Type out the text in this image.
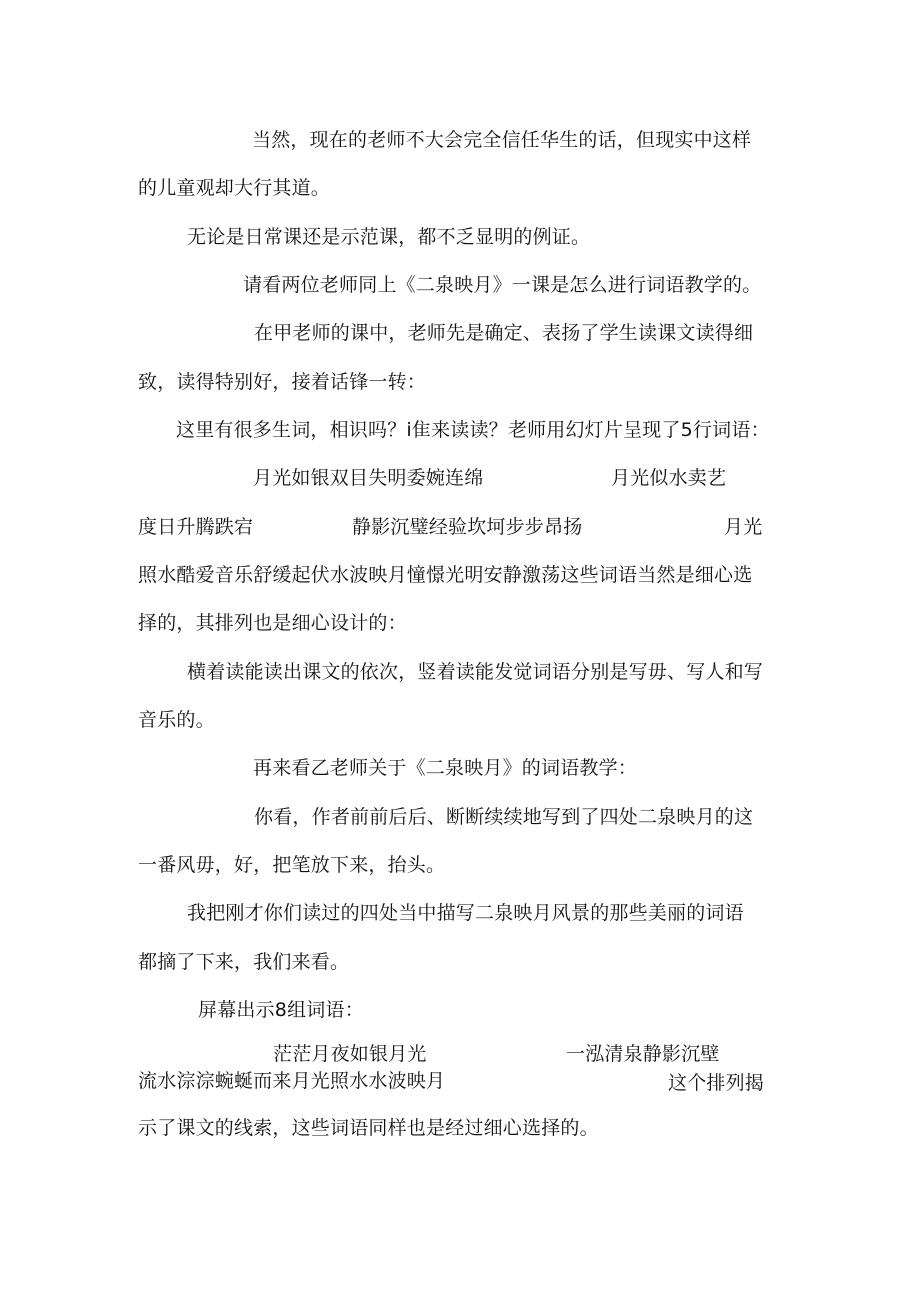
当然，现在的老师不大会完全信任华生的话，但现实中这样
的儿童观却大行其道。
无论是日常课还是示范课，都不乏显明的例证。
请看两位老师同上《二泉映月》一课是怎么进行词语教学的。
在甲老师的课中，老师先是确定、表扬了学生读课文读得细
致，读得特别好，接着话锋一转：
这里有很多生词，相识吗？i隹来读读？老师用幻灯片呈现了5行词语：
月光如银双目失明委婉连绵	月光似水卖艺
度日升腾跌宕	静影沉璧经验坎坷步步昂扬	月光
照水酷爱音乐舒缓起伏水波映月憧憬光明安静激荡这些词语当然是细心选
择的，其排列也是细心设计的：
横着读能读出课文的依次，竖着读能发觉词语分别是写毋、写人和写
音乐的。
再来看乙老师关于《二泉映月》的词语教学：
你看，作者前前后后、断断续续地写到了四处二泉映月的这
一番风毋，好，把笔放下来，抬头。
我把刚才你们读过的四处当中描写二泉映月风景的那些美丽的词语
都摘了下来，我们来看。
屏幕出示8组词语：
茫茫月夜如银月光	一泓清泉静影沉壁
流水淙淙蜿蜒而来月光照水水波映月	这个排列揭
示了课文的线索，这些词语同样也是经过细心选择的。
